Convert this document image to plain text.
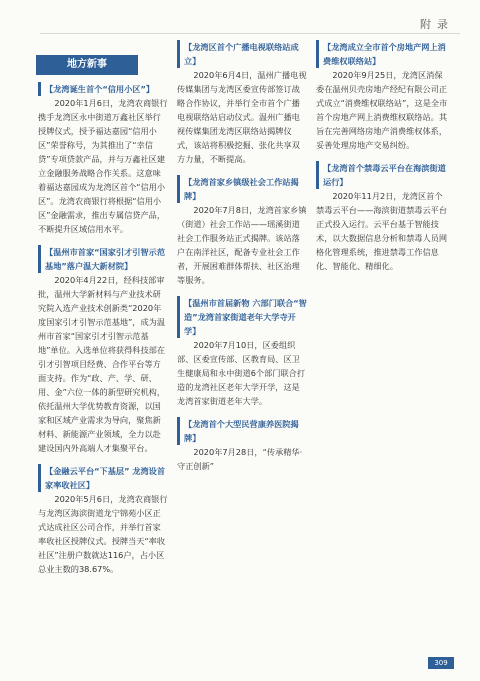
附录
地方新事
【龙湾诞生首个“信用小区”】
2020年1月6日，龙湾农商银行携手龙湾区永中街道万鑫社区举行授牌仪式，授予福达嘉园“信用小区”荣誉称号，为其推出了“幸信贷”专项贷款产品，并与万鑫社区建立金融服务战略合作关系。这意味着福达嘉园成为龙湾区首个“信用小区”。龙湾农商银行将根据“信用小区”金融需求，推出专属信贷产品，不断提升区域信用水平。
【温州市首家“国家引才引智示范基地”落户温大新材院】
2020年4月22日，经科技部审批，温州大学新材料与产业技术研究院入选产业技术创新类“2020年度国家引才引智示范基地”，成为温州市首家“国家引才引智示范基地”单位。入选单位将获得科技部在引才引智项目经费、合作平台等方面支持。作为“政、产、学、研、用、金”六位一体的新型研究机构，依托温州大学优势教育资源，以国家和区域产业需求为导向，聚焦新材料、新能源产业领域，全力以赴建设国内外高端人才集聚平台。
【金融云平台“下基层” 龙湾设首家率收社区】
2020年5月6日，龙湾农商银行与龙湾区海滨街道龙宁锦苑小区正式达成社区公司合作，并举行首家率收社区授牌仪式。授牌当天“率收社区”注册户数就达116户，占小区总业主数的38.67%。
【龙湾区首个广播电视联络站成立】
2020年6月4日，温州广播电视传媒集团与龙湾区委宣传部签订战略合作协议，并举行全市首个广播电视联络站启动仪式。温州广播电视传媒集团龙湾区联络站揭牌仪式，该站将积极挖掘、张化共享双方力量，不断提高。
【龙湾首家乡镇级社会工作站揭牌】
2020年7月8日，龙湾首家乡镇（街道）社会工作站——瑶溪街道社会工作服务站正式揭牌。该站落户在南洋社区，配备专业社会工作者，开展困难群体帮扶、社区治理等服务。
【温州市首届新物 六部门联合“智造”龙湾首家街道老年大学寺开学】
2020年7月10日，区委组织部、区委宣传部、区教育局、区卫生健康局和永中街道6个部门联合打造的龙湾社区老年大学开学，这是龙湾首家街道老年大学。
【龙湾首个大型民营康养医院揭牌】
2020年7月28日，“传承精华·守正创新”
【龙湾成立全市首个房地产网上消费维权联络站】
2020年9月25日，龙湾区消保委在温州贝壳房地产经纪有限公司正式成立“消费维权联络站”，这是全市首个房地产网上消费维权联络站。其旨在完善网络房地产消费维权体系，妥善处理房地产交易纠纷。
【龙湾首个禁毒云平台在海滨街道运行】
2020年11月2日，龙湾区首个禁毒云平台——海滨街道禁毒云平台正式投入运行。云平台基于智能技术，以大数据信息分析和禁毒人员网格化管理系统，推进禁毒工作信息化、智能化、精细化。
309
